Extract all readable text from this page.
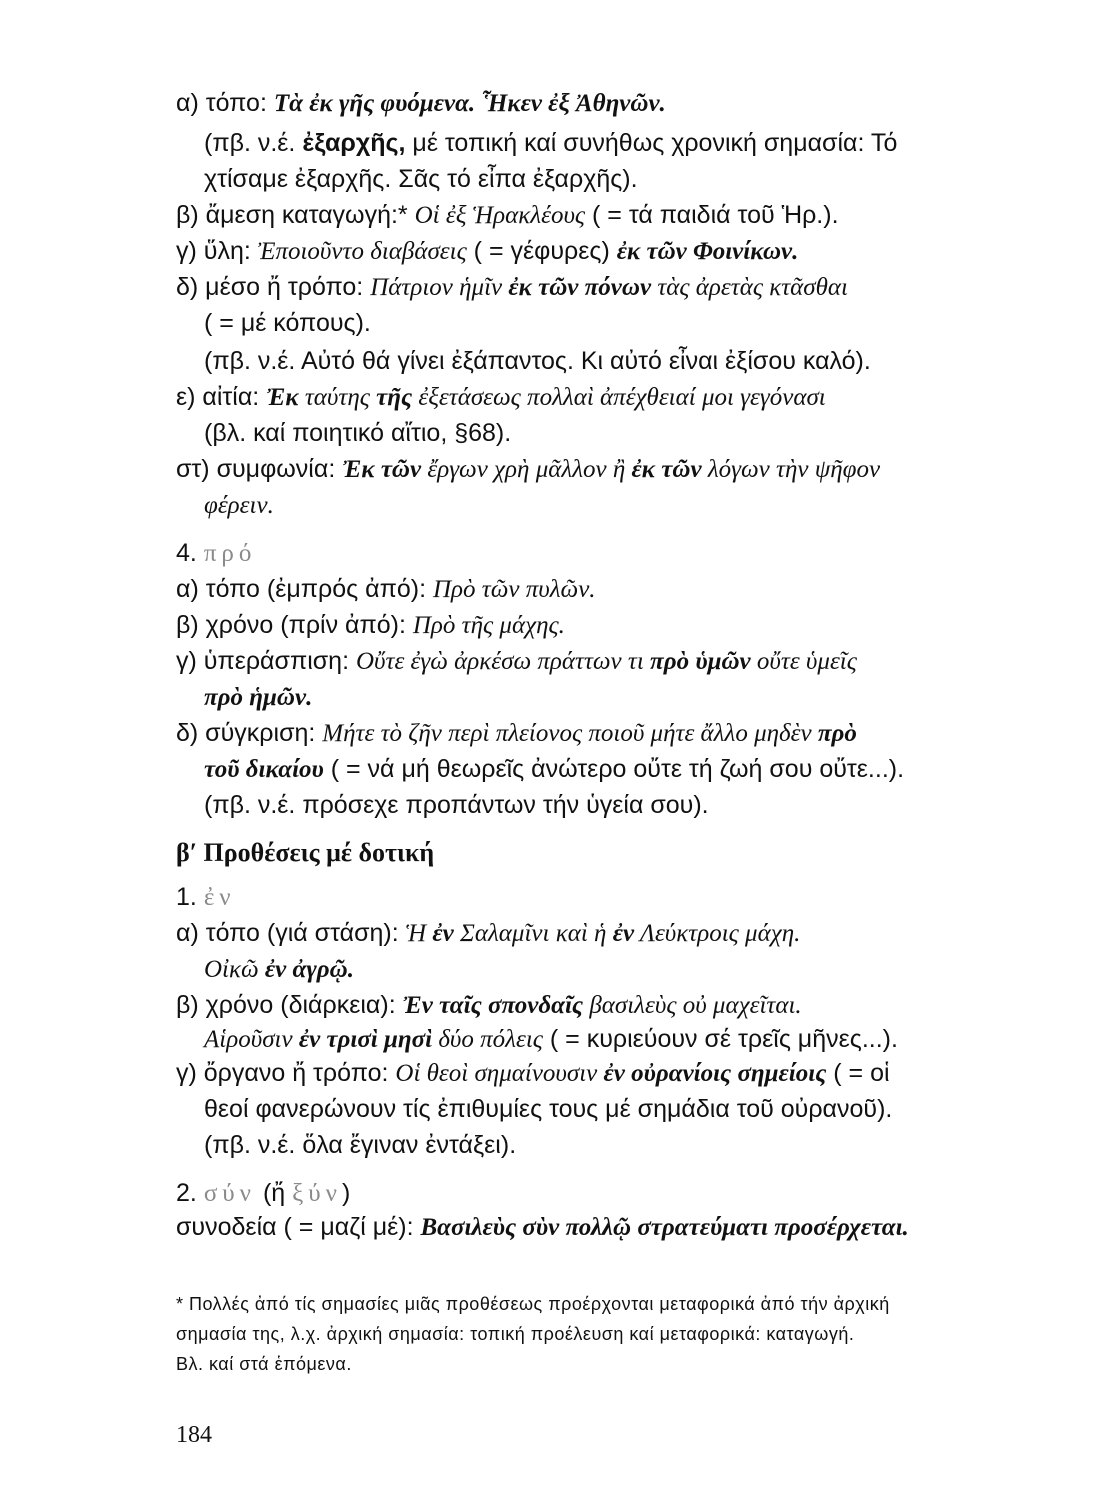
α) τόπο: Τὰ ἐκ γῆς φυόμενα. Ἧκεν ἐξ Ἀθηνῶν.
(πβ. ν.έ. ἐξαρχῆς, μέ τοπική καί συνήθως χρονική σημασία: Τό
χτίσαμε ἐξαρχῆς. Σᾶς τό εἶπα ἐξαρχῆς).
β) ἄμεση καταγωγή:* Οἱ ἐξ Ἡρακλέους ( = τά παιδιά τοῦ Ἡρ.).
γ) ὕλη: Ἐποιοῦντο διαβάσεις ( = γέφυρες) ἐκ τῶν Φοινίκων.
δ) μέσο ἤ τρόπο: Πάτριον ἡμῖν ἐκ τῶν πόνων τὰς ἀρετὰς κτᾶσθαι
( = μέ κόπους).
(πβ. ν.έ. Αὐτό θά γίνει ἐξάπαντος. Κι αὐτό εἶναι ἐξίσου καλό).
ε) αἰτία: Ἐκ ταύτης τῆς ἐξετάσεως πολλαὶ ἀπέχθειαί μοι γεγόνασι
(βλ. καί ποιητικό αἴτιο, §68).
στ) συμφωνία: Ἐκ τῶν ἔργων χρὴ μᾶλλον ἢ ἐκ τῶν λόγων τὴν ψῆφον
φέρειν.
4. πρό
α) τόπο (ἐμπρός ἀπό): Πρὸ τῶν πυλῶν.
β) χρόνο (πρίν ἀπό): Πρὸ τῆς μάχης.
γ) ὑπεράσπιση: Οὔτε ἐγὼ ἀρκέσω πράττων τι πρὸ ὑμῶν οὔτε ὑμεῖς
πρὸ ἡμῶν.
δ) σύγκριση: Μήτε τὸ ζῆν περὶ πλείονος ποιοῦ μήτε ἄλλο μηδὲν πρὸ
τοῦ δικαίου ( = νά μή θεωρεῖς ἀνώτερο οὔτε τή ζωή σου οὔτε...).
(πβ. ν.έ. πρόσεχε προπάντων τήν ὑγεία σου).
β′ Προθέσεις μέ δοτική
1. ἐν
α) τόπο (γιά στάση): Ἡ ἐν Σαλαμῖνι καὶ ἡ ἐν Λεύκτροις μάχη.
Οἰκῶ ἐν ἀγρῷ.
β) χρόνο (διάρκεια): Ἐν ταῖς σπονδαῖς βασιλεὺς οὐ μαχεῖται.
Αἱροῦσιν ἐν τρισὶ μησὶ δύο πόλεις ( = κυριεύουν σέ τρεῖς μῆνες...).
γ) ὄργανο ἤ τρόπο: Οἱ θεοὶ σημαίνουσιν ἐν οὐρανίοις σημείοις ( = οἱ
θεοί φανερώνουν τίς ἐπιθυμίες τους μέ σημάδια τοῦ οὐρανοῦ).
(πβ. ν.έ. ὅλα ἔγιναν ἐντάξει).
2. σύν (ἤ ξύν)
συνοδεία ( = μαζί μέ): Βασιλεὺς σὺν πολλῷ στρατεύματι προσέρχεται.
* Πολλές ἀπό τίς σημασίες μιᾶς προθέσεως προέρχονται μεταφορικά ἀπό τήν ἀρχική
σημασία της, λ.χ. ἀρχική σημασία: τοπική προέλευση καί μεταφορικά: καταγωγή.
Βλ. καί στά ἑπόμενα.
184
